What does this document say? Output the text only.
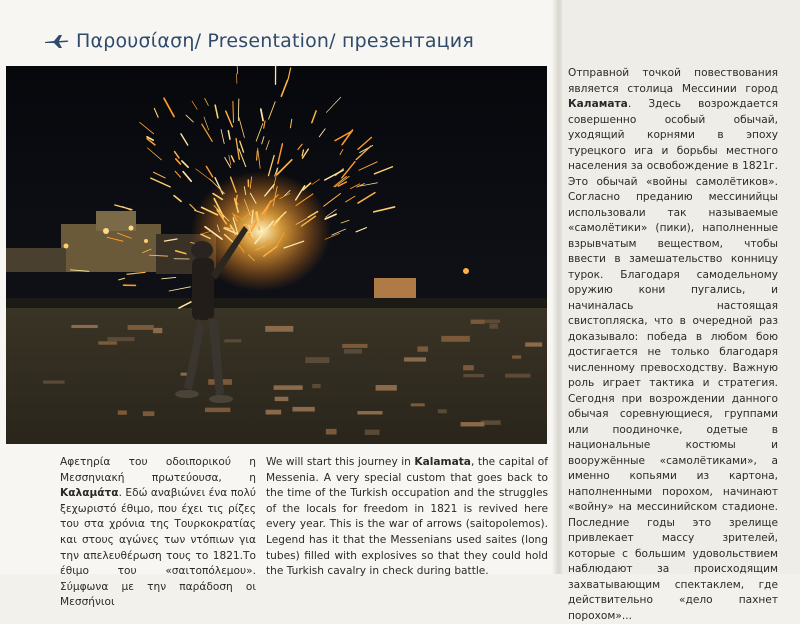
Παρουσίαση/ Presentation/ презентация
Αφετηρία του οδοιπορικού η Μεσσηνιακή πρωτεύουσα, η Καλαμάτα. Εδώ αναβιώνει ένα πολύ ξεχωριστό έθιμο, που έχει τις ρίζες του στα χρόνια της Τουρκοκρατίας και στους αγώνες των ντόπιων για την απελευθέρωση τους το 1821.Το έθιμο του «σαιτοπόλεμου». Σύμφωνα με την παράδοση οι Μεσσήνιοι
We will start this journey in Kalamata, the capital of Messenia. A very special custom that goes back to the time of the Turkish occupation and the struggles of the locals for freedom in 1821 is revived here every year. This is the war of arrows (saitopolemos). Legend has it that the Messenians used saites (long tubes) filled with explosives so that they could hold the Turkish cavalry in check during battle.
Отправной точкой повествования является столица Мессинии город Каламата. Здесь возрождается совершенно особый обычай, уходящий корнями в эпоху турецкого ига и борьбы местного населения за освобождение в 1821г. Это обычай «войны самолётиков». Согласно преданию мессинийцы использовали так называемые «самолётики» (пики), наполненные взрывчатым веществом, чтобы ввести в замешательство конницу турок. Благодаря самодельному оружию кони пугались, и начиналась настоящая свистопляска, что в очередной раз доказывало: победа в любом бою достигается не только благодаря численному превосходству. Важную роль играет тактика и стратегия. Сегодня при возрождении данного обычая соревнующиеся, группами или поодиночке, одетые в национальные костюмы и вооружённые «самолётиками», а именно копьями из картона, наполненными порохом, начинают «войну» на мессинийском стадионе. Последние годы это зрелище привлекает массу зрителей, которые с большим удовольствием наблюдают за происходящим захватывающим спектаклем, где действительно «дело пахнет порохом»...
